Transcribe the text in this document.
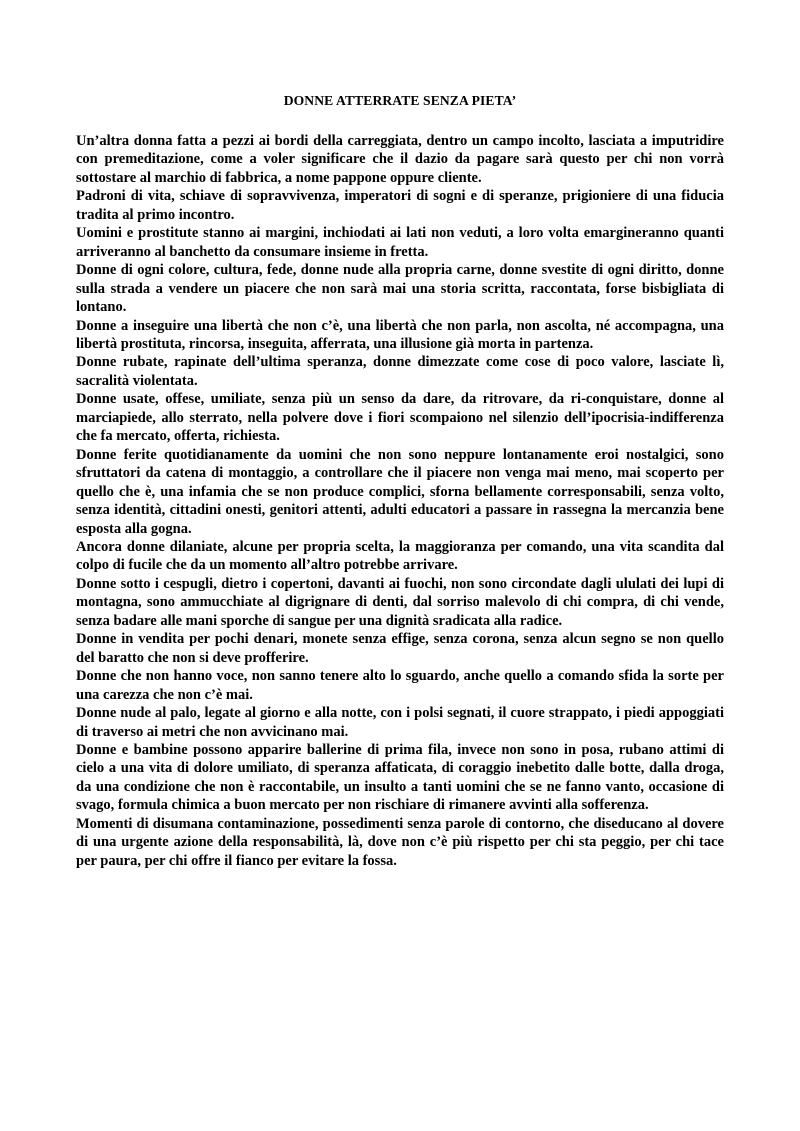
DONNE ATTERRATE SENZA PIETA’

Un’altra donna fatta a pezzi ai bordi della carreggiata, dentro un campo incolto, lasciata a imputridire con premeditazione, come a voler significare che il dazio da pagare sarà questo per chi non vorrà sottostare al marchio di fabbrica, a nome pappone oppure cliente.

Padroni di vita, schiave di sopravvivenza, imperatori di sogni e di speranze, prigioniere di una fiducia tradita al primo incontro.

Uomini e prostitute stanno ai margini, inchiodati ai lati non veduti, a loro volta emargineranno quanti arriveranno al banchetto da consumare insieme in fretta.

Donne di ogni colore, cultura, fede, donne nude alla propria carne, donne svestite di ogni diritto, donne sulla strada a vendere un piacere che non sarà mai una storia scritta, raccontata, forse bisbigliata di lontano.

Donne a inseguire una libertà che non c’è, una libertà che non parla, non ascolta, né accompagna, una libertà prostituta, rincorsa, inseguita, afferrata, una illusione già morta in partenza.

Donne rubate, rapinate dell’ultima speranza, donne dimezzate come cose di poco valore, lasciate lì, sacralità violentata.

Donne usate, offese, umiliate, senza più un senso da dare, da ritrovare, da ri-conquistare, donne al marciapiede, allo sterrato, nella polvere dove i fiori scompaiono nel silenzio dell’ipocrisia-indifferenza che fa mercato, offerta, richiesta.

Donne ferite quotidianamente da uomini che non sono neppure lontanamente eroi nostalgici, sono sfruttatori da catena di montaggio, a controllare che il piacere non venga mai meno, mai scoperto per quello che è, una infamia che se non produce complici, sforna bellamente corresponsabili, senza volto, senza identità, cittadini onesti, genitori attenti, adulti educatori a passare in rassegna la mercanzia bene esposta alla gogna.

Ancora donne dilaniate, alcune per propria scelta, la maggioranza per comando, una vita scandita dal colpo di fucile che da un momento all’altro potrebbe arrivare.

Donne sotto i cespugli, dietro i copertoni, davanti ai fuochi, non sono circondate dagli ululati dei lupi di montagna, sono ammucchiate al digrignare di denti, dal sorriso malevolo di chi compra, di chi vende, senza badare alle mani sporche di sangue per una dignità sradicata alla radice.

Donne in vendita per pochi denari, monete senza effige, senza corona, senza alcun segno se non quello del baratto che non si deve profferire.

Donne che non hanno voce, non sanno tenere alto lo sguardo, anche quello a comando sfida la sorte per una carezza che non c’è mai.

Donne nude al palo, legate al giorno e alla notte, con i polsi segnati, il cuore strappato, i piedi appoggiati di traverso ai metri che non avvicinano mai.

Donne e bambine possono apparire ballerine di prima fila, invece non sono in posa, rubano attimi di cielo a una vita di dolore umiliato, di speranza affaticata, di coraggio inebetito dalle botte, dalla droga, da una condizione che non è raccontabile, un insulto a tanti uomini che se ne fanno vanto, occasione di svago, formula chimica a buon mercato per non rischiare di rimanere avvinti alla sofferenza.

Momenti di disumana contaminazione, possedimenti senza parole di contorno, che diseducano al dovere di una urgente azione della responsabilità, là, dove non c’è più rispetto per chi sta peggio, per chi tace per paura, per chi offre il fianco per evitare la fossa.
